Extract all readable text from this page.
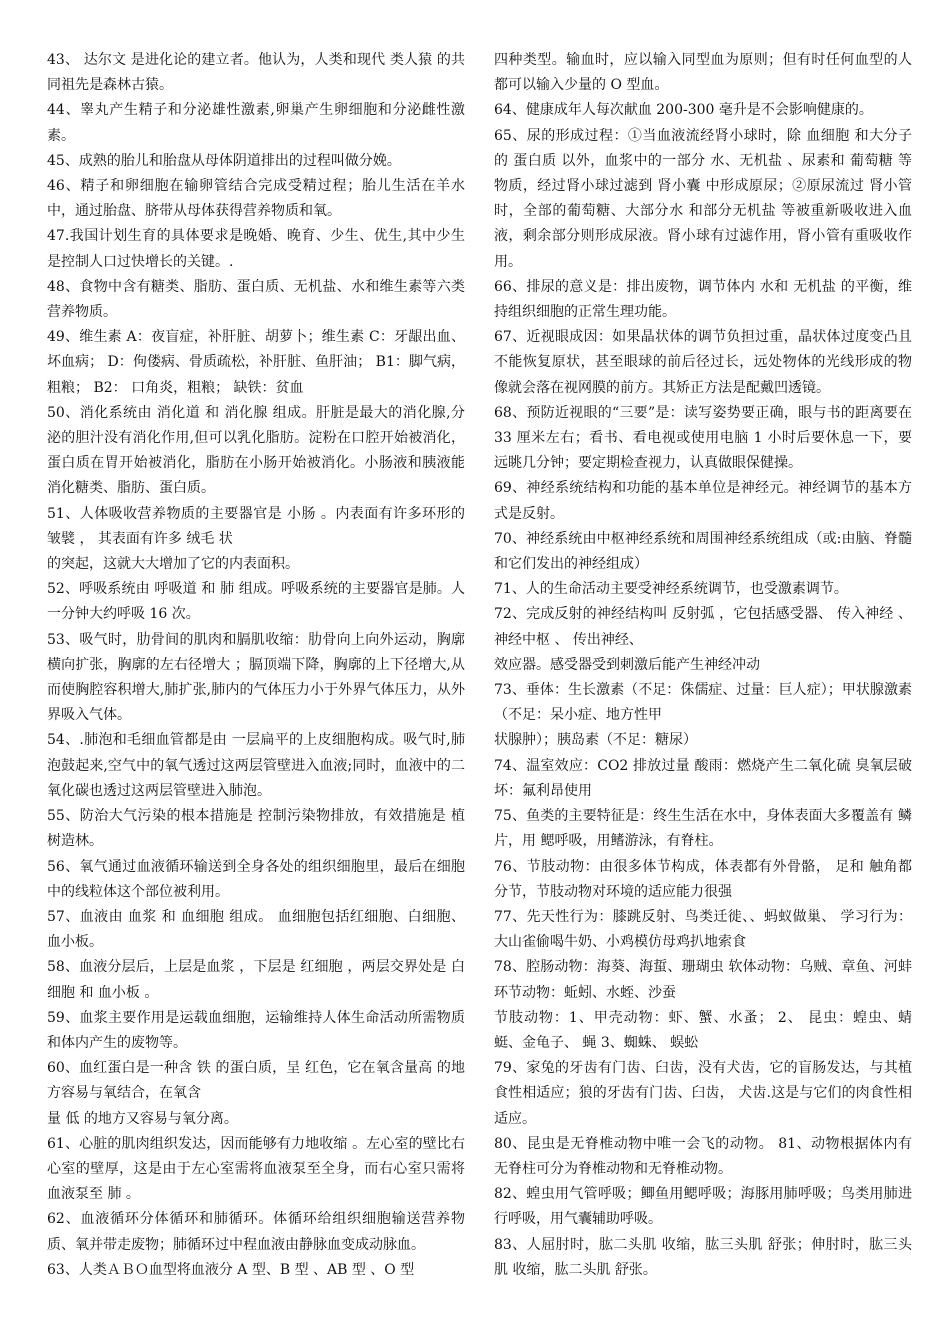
43、 达尔文 是进化论的建立者。他认为，人类和现代 类人猿 的共同祖先是森林古猿。

44、睾丸产生精子和分泌雄性激素,卵巢产生卵细胞和分泌雌性激素。

45、成熟的胎儿和胎盘从母体阴道排出的过程叫做分娩。

46、精子和卵细胞在输卵管结合完成受精过程；胎儿生活在羊水中，通过胎盘、脐带从母体获得营养物质和氧。

47.我国计划生育的具体要求是晚婚、晚育、少生、优生,其中少生是控制人口过快增长的关键。.

48、食物中含有糖类、脂肪、蛋白质、无机盐、水和维生素等六类营养物质。

49、维生素 A：夜盲症，补肝脏、胡萝卜；维生素 C：牙龈出血、坏血病； D：佝偻病、骨质疏松，补肝脏、鱼肝油； B1：脚气病，粗粮； B2： 口角炎，粗粮； 缺铁：贫血

50、消化系统由 消化道 和 消化腺 组成。肝脏是最大的消化腺,分泌的胆汁没有消化作用,但可以乳化脂肪。淀粉在口腔开始被消化，蛋白质在胃开始被消化，脂肪在小肠开始被消化。小肠液和胰液能消化糖类、脂肪、蛋白质。

51、人体吸收营养物质的主要器官是 小肠 。内表面有许多环形的 皱襞 ， 其表面有许多 绒毛 状
的突起，这就大大增加了它的内表面积。

52、呼吸系统由 呼吸道 和 肺 组成。呼吸系统的主要器官是肺。人一分钟大约呼吸 16 次。

53、吸气时，肋骨间的肌肉和膈肌收缩：肋骨向上向外运动，胸廓横向扩张，胸廓的左右径增大 ；膈顶端下降，胸廓的上下径增大,从而使胸腔容积增大,肺扩张,肺内的气体压力小于外界气体压力，从外界吸入气体。

54、.肺泡和毛细血管都是由 一层扁平的上皮细胞构成。吸气时,肺泡鼓起来,空气中的氧气透过这两层管壁进入血液;同时，血液中的二氧化碳也透过这两层管壁进入肺泡。

55、防治大气污染的根本措施是 控制污染物排放，有效措施是 植树造林。

56、氧气通过血液循环输送到全身各处的组织细胞里，最后在细胞中的线粒体这个部位被利用。

57、血液由 血浆 和 血细胞 组成。 血细胞包括红细胞、白细胞、血小板。

58、血液分层后，上层是血浆 ，下层是 红细胞 ，两层交界处是 白细胞 和 血小板 。

59、血浆主要作用是运载血细胞，运输维持人体生命活动所需物质和体内产生的废物等。

60、血红蛋白是一种含 铁 的蛋白质，呈 红色，它在氧含量高 的地方容易与氧结合，在氧含
量 低 的地方又容易与氧分离。

61、心脏的肌肉组织发达，因而能够有力地收缩 。左心室的壁比右心室的壁厚，这是由于左心室需将血液泵至全身，而右心室只需将血液泵至 肺 。

62、血液循环分体循环和肺循环。体循环给组织细胞输送营养物质、氧并带走废物；肺循环过中程血液由静脉血变成动脉血。

63、人类ＡＢＯ血型将血液分 A 型、B 型 、AB 型 、O 型

四种类型。输血时，应以输入同型血为原则；但有时任何血型的人都可以输入少量的 O 型血。

64、健康成年人每次献血 200-300 毫升是不会影响健康的。

65、尿的形成过程：①当血液流经肾小球时，除 血细胞 和大分子的 蛋白质 以外，血浆中的一部分 水、无机盐 、尿素和 葡萄糖 等物质，经过肾小球过滤到 肾小囊 中形成原尿；②原尿流过 肾小管 时，全部的葡萄糖、大部分水 和部分无机盐 等被重新吸收进入血液，剩余部分则形成尿液。肾小球有过滤作用，肾小管有重吸收作用。

66、排尿的意义是：排出废物，调节体内 水和 无机盐 的平衡，维持组织细胞的正常生理功能。

67、近视眼成因：如果晶状体的调节负担过重，晶状体过度变凸且不能恢复原状，甚至眼球的前后径过长，远处物体的光线形成的物像就会落在视网膜的前方。其矫正方法是配戴凹透镜。

68、预防近视眼的“三要”是：读写姿势要正确，眼与书的距离要在 33 厘米左右；看书、看电视或使用电脑 1 小时后要休息一下，要远眺几分钟；要定期检查视力，认真做眼保健操。

69、神经系统结构和功能的基本单位是神经元。神经调节的基本方式是反射。

70、神经系统由中枢神经系统和周围神经系统组成（或:由脑、脊髓和它们发出的神经组成）

71、人的生命活动主要受神经系统调节，也受激素调节。

72、完成反射的神经结构叫 反射弧 ，它包括感受器、 传入神经 、 神经中枢 、 传出神经、
效应器。感受器受到刺激后能产生神经冲动

73、垂体：生长激素（不足：侏儒症、过量：巨人症）；甲状腺激素（不足：呆小症、地方性甲
状腺肿）；胰岛素（不足：糖尿）

74、温室效应：CO2 排放过量 酸雨：燃烧产生二氧化硫 臭氧层破坏：氟利昂使用

75、鱼类的主要特征是：终生生活在水中，身体表面大多覆盖有 鳞片，用 鳃呼吸，用鳍游泳，有脊柱。

76、节肢动物：由很多体节构成，体表都有外骨骼， 足和 触角都分节，节肢动物对环境的适应能力很强

77、先天性行为：膝跳反射、鸟类迁徙、、蚂蚁做巢、 学习行为：大山雀偷喝牛奶、小鸡模仿母鸡扒地索食

78、腔肠动物：海葵、海蜇、珊瑚虫 软体动物：乌贼、章鱼、河蚌 环节动物：蚯蚓、水蛭、沙蚕
节肢动物：1、甲壳动物：虾、蟹、水蚤； 2、 昆虫：蝗虫、蜻蜓、金龟子、 蝇 3、蜘蛛、 蜈蚣

79、家兔的牙齿有门齿、臼齿，没有犬齿，它的盲肠发达，与其植食性相适应；狼的牙齿有门齿、臼齿， 犬齿.这是与它们的肉食性相适应。

80、昆虫是无脊椎动物中唯一会飞的动物。 81、动物根据体内有无脊柱可分为脊椎动物和无脊椎动物。

82、蝗虫用气管呼吸；鲫鱼用鳃呼吸；海豚用肺呼吸；鸟类用肺进行呼吸，用气囊辅助呼吸。

83、人屈肘时，肱二头肌 收缩，肱三头肌 舒张；伸肘时，肱三头肌 收缩，肱二头肌 舒张。
